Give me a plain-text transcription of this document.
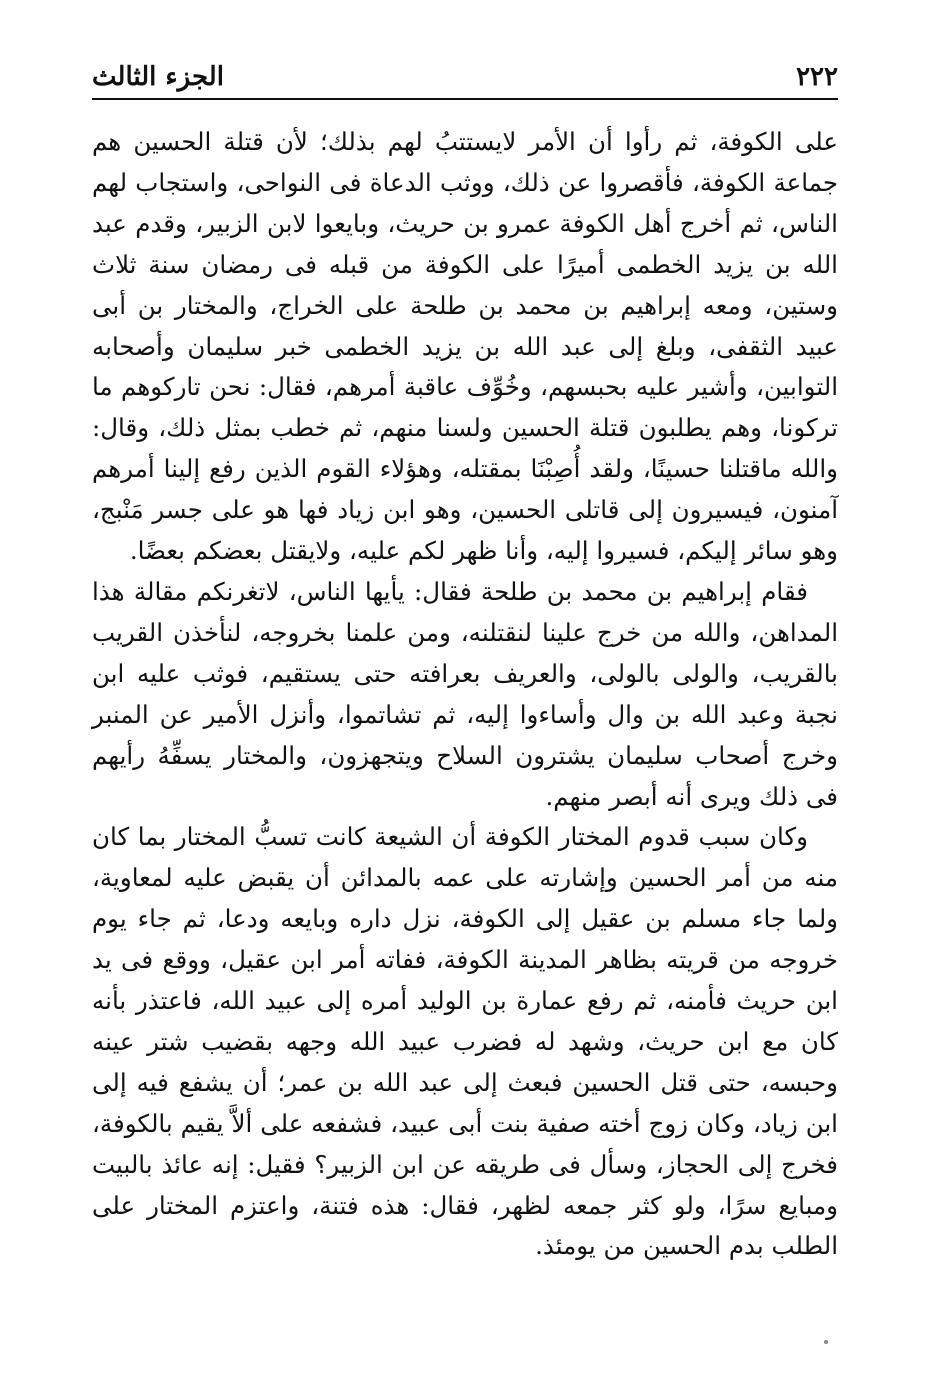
٢٢٢
الجزء الثالث

على الكوفة، ثم رأوا أن الأمر لايستتبُ لهم بذلك؛ لأن قتلة الحسين هم جماعة الكوفة، فأقصروا عن ذلك، ووثب الدعاة فى النواحى، واستجاب لهم الناس، ثم أخرج أهل الكوفة عمرو بن حريث، وبايعوا لابن الزبير، وقدم عبد الله بن يزيد الخطمى أميرًا على الكوفة من قبله فى رمضان سنة ثلاث وستين، ومعه إبراهيم بن محمد بن طلحة على الخراج، والمختار بن أبى عبيد الثقفى، وبلغ إلى عبد الله بن يزيد الخطمى خبر سليمان وأصحابه التوابين، وأشير عليه بحبسهم، وخُوِّف عاقبة أمرهم، فقال: نحن تاركوهم ما تركونا، وهم يطلبون قتلة الحسين ولسنا منهم، ثم خطب بمثل ذلك، وقال: والله ماقتلنا حسينًا، ولقد أُصِبْنَا بمقتله، وهؤلاء القوم الذين رفع إلينا أمرهم آمنون، فيسيرون إلى قاتلى الحسين، وهو ابن زياد فها هو على جسر مَنْبج، وهو سائر إليكم، فسيروا إليه، وأنا ظهر لكم عليه، ولايقتل بعضكم بعضًا.

فقام إبراهيم بن محمد بن طلحة فقال: يأيها الناس، لاتغرنكم مقالة هذا المداهن، والله من خرج علينا لنقتلنه، ومن علمنا بخروجه، لنأخذن القريب بالقريب، والولى بالولى، والعريف بعرافته حتى يستقيم، فوثب عليه ابن نجبة وعبد الله بن وال وأساءوا إليه، ثم تشاتموا، وأنزل الأمير عن المنبر وخرج أصحاب سليمان يشترون السلاح ويتجهزون، والمختار يسفِّهُ رأيهم فى ذلك ويرى أنه أبصر منهم.

وكان سبب قدوم المختار الكوفة أن الشيعة كانت تسبُّ المختار بما كان منه من أمر الحسين وإشارته على عمه بالمدائن أن يقبض عليه لمعاوية، ولما جاء مسلم بن عقيل إلى الكوفة، نزل داره وبايعه ودعا، ثم جاء يوم خروجه من قريته بظاهر المدينة الكوفة، ففاته أمر ابن عقيل، ووقع فى يد ابن حريث فأمنه، ثم رفع عمارة بن الوليد أمره إلى عبيد الله، فاعتذر بأنه كان مع ابن حريث، وشهد له فضرب عبيد الله وجهه بقضيب شتر عينه وحبسه، حتى قتل الحسين فبعث إلى عبد الله بن عمر؛ أن يشفع فيه إلى ابن زياد، وكان زوج أخته صفية بنت أبى عبيد، فشفعه على ألاَّ يقيم بالكوفة، فخرج إلى الحجاز، وسأل فى طريقه عن ابن الزبير؟ فقيل: إنه عائذ بالبيت ومبايع سرًا، ولو كثر جمعه لظهر، فقال: هذه فتنة، واعتزم المختار على الطلب بدم الحسين من يومئذ.
